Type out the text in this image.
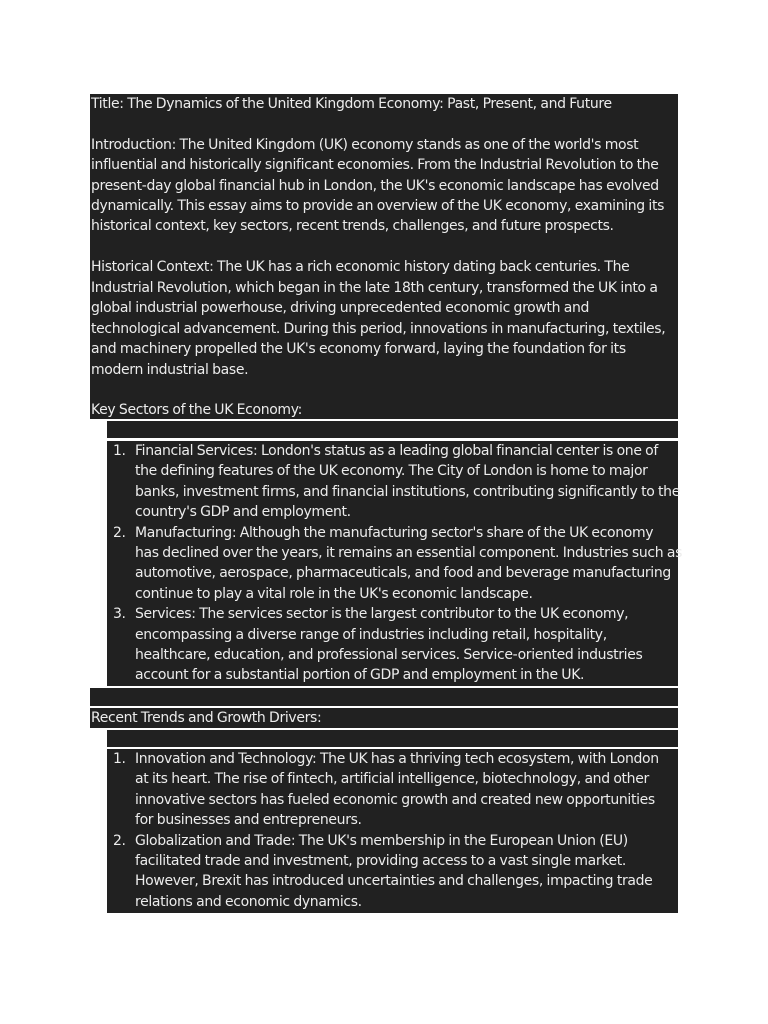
Title: The Dynamics of the United Kingdom Economy: Past, Present, and Future
Introduction: The United Kingdom (UK) economy stands as one of the world's most
influential and historically significant economies. From the Industrial Revolution to the
present-day global financial hub in London, the UK's economic landscape has evolved
dynamically. This essay aims to provide an overview of the UK economy, examining its
historical context, key sectors, recent trends, challenges, and future prospects.
Historical Context: The UK has a rich economic history dating back centuries. The
Industrial Revolution, which began in the late 18th century, transformed the UK into a
global industrial powerhouse, driving unprecedented economic growth and
technological advancement. During this period, innovations in manufacturing, textiles,
and machinery propelled the UK's economy forward, laying the foundation for its
modern industrial base.
Key Sectors of the UK Economy:
1. Financial Services: London's status as a leading global financial center is one of
the defining features of the UK economy. The City of London is home to major
banks, investment firms, and financial institutions, contributing significantly to the
country's GDP and employment.
2. Manufacturing: Although the manufacturing sector's share of the UK economy
has declined over the years, it remains an essential component. Industries such as
automotive, aerospace, pharmaceuticals, and food and beverage manufacturing
continue to play a vital role in the UK's economic landscape.
3. Services: The services sector is the largest contributor to the UK economy,
encompassing a diverse range of industries including retail, hospitality,
healthcare, education, and professional services. Service-oriented industries
account for a substantial portion of GDP and employment in the UK.
Recent Trends and Growth Drivers:
1. Innovation and Technology: The UK has a thriving tech ecosystem, with London
at its heart. The rise of fintech, artificial intelligence, biotechnology, and other
innovative sectors has fueled economic growth and created new opportunities
for businesses and entrepreneurs.
2. Globalization and Trade: The UK's membership in the European Union (EU)
facilitated trade and investment, providing access to a vast single market.
However, Brexit has introduced uncertainties and challenges, impacting trade
relations and economic dynamics.
